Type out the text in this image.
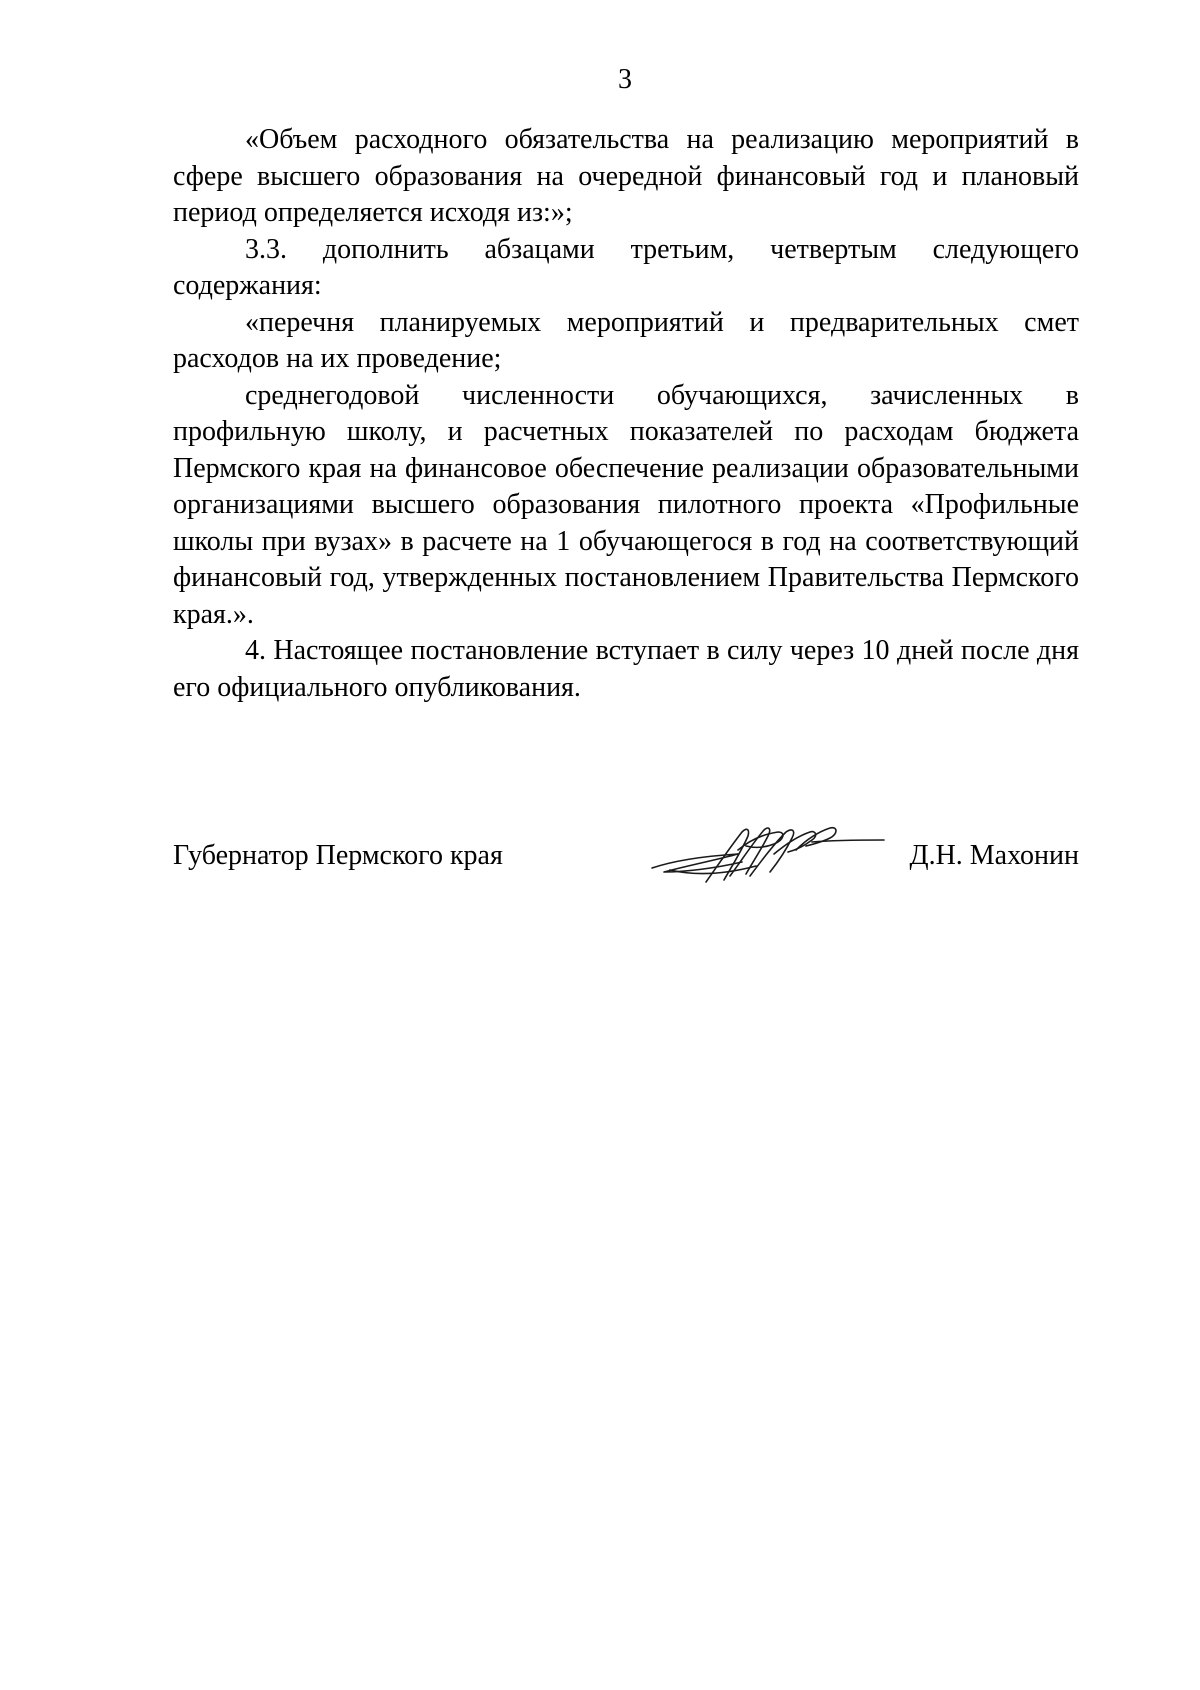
3

«Объем расходного обязательства на реализацию мероприятий в сфере высшего образования на очередной финансовый год и плановый период определяется исходя из:»;

3.3. дополнить абзацами третьим, четвертым следующего содержания:

«перечня планируемых мероприятий и предварительных смет расходов на их проведение;

среднегодовой численности обучающихся, зачисленных в профильную школу, и расчетных показателей по расходам бюджета Пермского края на финансовое обеспечение реализации образовательными организациями высшего образования пилотного проекта «Профильные школы при вузах» в расчете на 1 обучающегося в год на соответствующий финансовый год, утвержденных постановлением Правительства Пермского края.».

4. Настоящее постановление вступает в силу через 10 дней после дня его официального опубликования.

Губернатор Пермского края	Д.Н. Махонин
